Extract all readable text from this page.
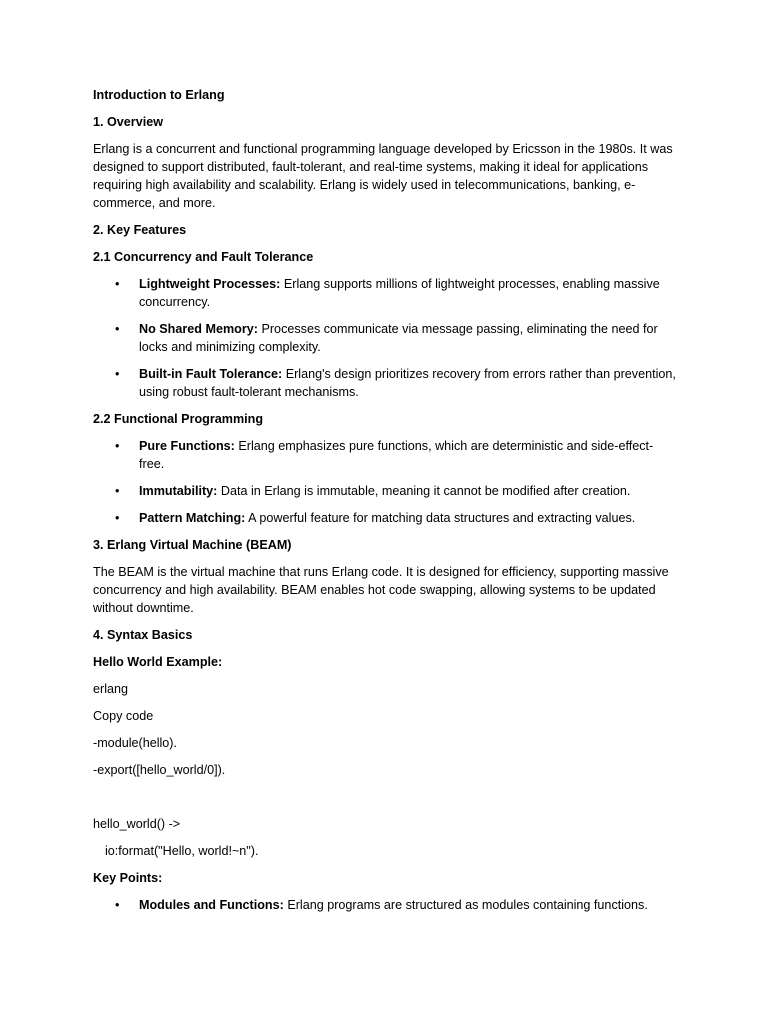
Introduction to Erlang
1. Overview
Erlang is a concurrent and functional programming language developed by Ericsson in the 1980s. It was designed to support distributed, fault-tolerant, and real-time systems, making it ideal for applications requiring high availability and scalability. Erlang is widely used in telecommunications, banking, e-commerce, and more.
2. Key Features
2.1 Concurrency and Fault Tolerance
• Lightweight Processes: Erlang supports millions of lightweight processes, enabling massive concurrency.
• No Shared Memory: Processes communicate via message passing, eliminating the need for locks and minimizing complexity.
• Built-in Fault Tolerance: Erlang's design prioritizes recovery from errors rather than prevention, using robust fault-tolerant mechanisms.
2.2 Functional Programming
• Pure Functions: Erlang emphasizes pure functions, which are deterministic and side-effect-free.
• Immutability: Data in Erlang is immutable, meaning it cannot be modified after creation.
• Pattern Matching: A powerful feature for matching data structures and extracting values.
3. Erlang Virtual Machine (BEAM)
The BEAM is the virtual machine that runs Erlang code. It is designed for efficiency, supporting massive concurrency and high availability. BEAM enables hot code swapping, allowing systems to be updated without downtime.
4. Syntax Basics
Hello World Example:
erlang
Copy code
-module(hello).
-export([hello_world/0]).
hello_world() ->
io:format("Hello, world!~n").
Key Points:
• Modules and Functions: Erlang programs are structured as modules containing functions.
